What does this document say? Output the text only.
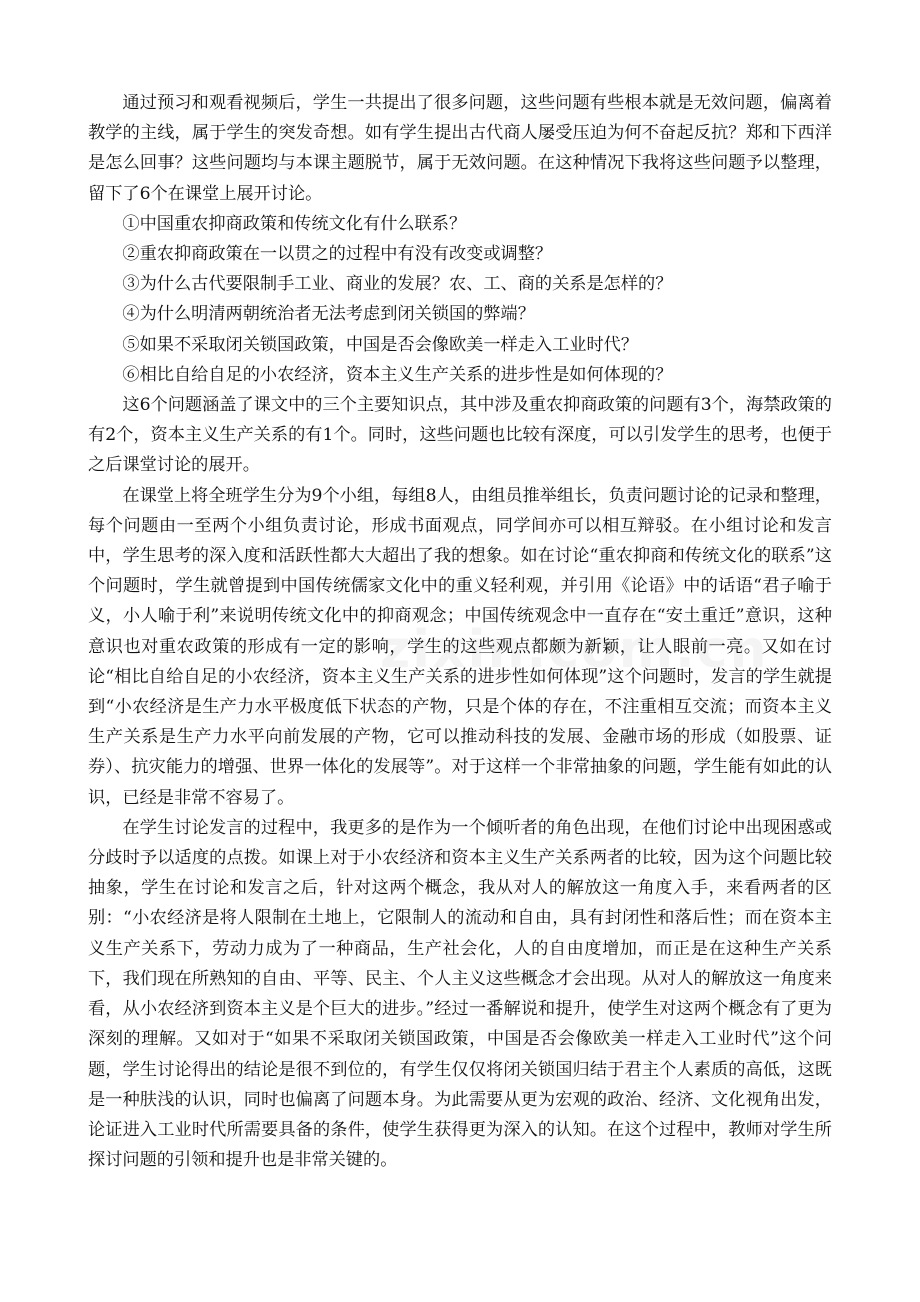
通过预习和观看视频后，学生一共提出了很多问题，这些问题有些根本就是无效问题，偏离着教学的主线，属于学生的突发奇想。如有学生提出古代商人屡受压迫为何不奋起反抗？郑和下西洋是怎么回事？这些问题均与本课主题脱节，属于无效问题。在这种情况下我将这些问题予以整理，留下了6个在课堂上展开讨论。

①中国重农抑商政策和传统文化有什么联系？

②重农抑商政策在一以贯之的过程中有没有改变或调整？

③为什么古代要限制手工业、商业的发展？农、工、商的关系是怎样的？

④为什么明清两朝统治者无法考虑到闭关锁国的弊端？

⑤如果不采取闭关锁国政策，中国是否会像欧美一样走入工业时代？

⑥相比自给自足的小农经济，资本主义生产关系的进步性是如何体现的？

这6个问题涵盖了课文中的三个主要知识点，其中涉及重农抑商政策的问题有3个，海禁政策的有2个，资本主义生产关系的有1个。同时，这些问题也比较有深度，可以引发学生的思考，也便于之后课堂讨论的展开。

在课堂上将全班学生分为9个小组，每组8人，由组员推举组长，负责问题讨论的记录和整理，每个问题由一至两个小组负责讨论，形成书面观点，同学间亦可以相互辩驳。在小组讨论和发言中，学生思考的深入度和活跃性都大大超出了我的想象。如在讨论“重农抑商和传统文化的联系”这个问题时，学生就曾提到中国传统儒家文化中的重义轻利观，并引用《论语》中的话语“君子喻于义，小人喻于利”来说明传统文化中的抑商观念；中国传统观念中一直存在“安土重迁”意识，这种意识也对重农政策的形成有一定的影响，学生的这些观点都颇为新颖，让人眼前一亮。又如在讨论“相比自给自足的小农经济，资本主义生产关系的进步性如何体现”这个问题时，发言的学生就提到“小农经济是生产力水平极度低下状态的产物，只是个体的存在，不注重相互交流；而资本主义生产关系是生产力水平向前发展的产物，它可以推动科技的发展、金融市场的形成（如股票、证券）、抗灾能力的增强、世界一体化的发展等”。对于这样一个非常抽象的问题，学生能有如此的认识，已经是非常不容易了。

在学生讨论发言的过程中，我更多的是作为一个倾听者的角色出现，在他们讨论中出现困惑或分歧时予以适度的点拨。如课上对于小农经济和资本主义生产关系两者的比较，因为这个问题比较抽象，学生在讨论和发言之后，针对这两个概念，我从对人的解放这一角度入手，来看两者的区别：“小农经济是将人限制在土地上，它限制人的流动和自由，具有封闭性和落后性；而在资本主义生产关系下，劳动力成为了一种商品，生产社会化，人的自由度增加，而正是在这种生产关系下，我们现在所熟知的自由、平等、民主、个人主义这些概念才会出现。从对人的解放这一角度来看，从小农经济到资本主义是个巨大的进步。”经过一番解说和提升，使学生对这两个概念有了更为深刻的理解。又如对于“如果不采取闭关锁国政策，中国是否会像欧美一样走入工业时代”这个问题，学生讨论得出的结论是很不到位的，有学生仅仅将闭关锁国归结于君主个人素质的高低，这既是一种肤浅的认识，同时也偏离了问题本身。为此需要从更为宏观的政治、经济、文化视角出发，论证进入工业时代所需要具备的条件，使学生获得更为深入的认知。在这个过程中，教师对学生所探讨问题的引领和提升也是非常关键的。
